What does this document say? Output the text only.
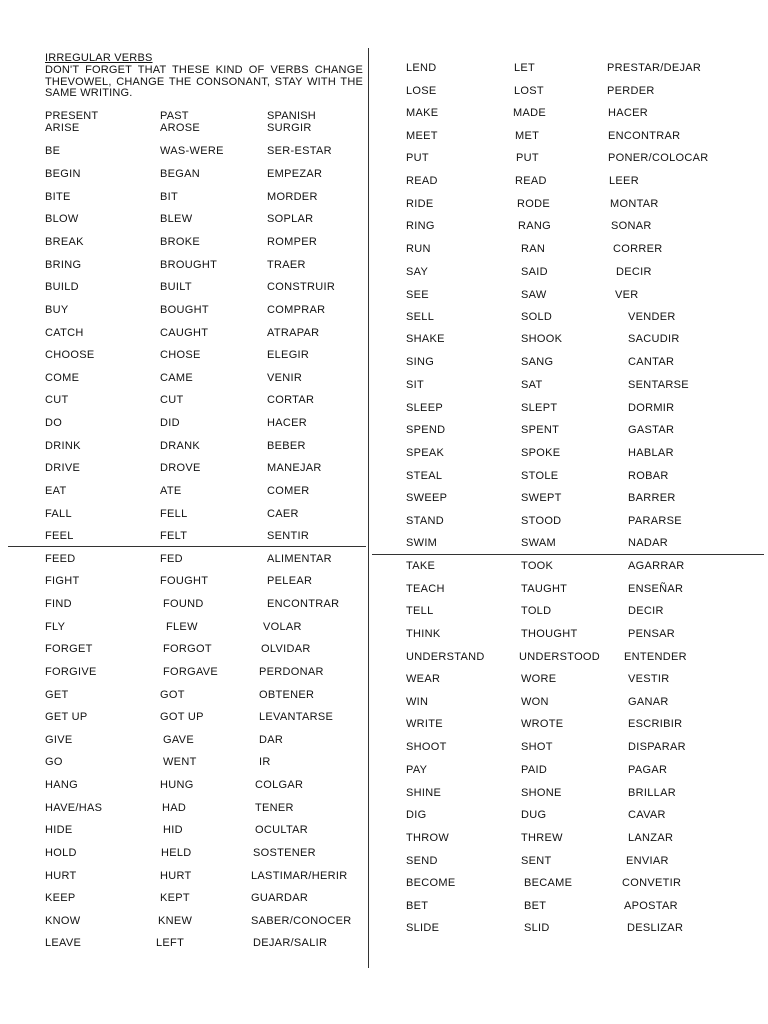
IRREGULAR VERBS
DON'T FORGET THAT THESE KIND OF VERBS CHANGE THEVOWEL, CHANGE THE CONSONANT, STAY WITH THE SAME WRITING.
PRESENT	PAST	SPANISH
ARISE	AROSE	SURGIR
BE	WAS-WERE	SER-ESTAR
BEGIN	BEGAN	EMPEZAR
BITE	BIT	MORDER
BLOW	BLEW	SOPLAR
BREAK	BROKE	ROMPER
BRING	BROUGHT	TRAER
BUILD	BUILT	CONSTRUIR
BUY	BOUGHT	COMPRAR
CATCH	CAUGHT	ATRAPAR
CHOOSE	CHOSE	ELEGIR
COME	CAME	VENIR
CUT	CUT	CORTAR
DO	DID	HACER
DRINK	DRANK	BEBER
DRIVE	DROVE	MANEJAR
EAT	ATE	COMER
FALL	FELL	CAER
FEEL	FELT	SENTIR
FEED	FED	ALIMENTAR
FIGHT	FOUGHT	PELEAR
FIND	FOUND	ENCONTRAR
FLY	FLEW	VOLAR
FORGET	FORGOT	OLVIDAR
FORGIVE	FORGAVE	PERDONAR
GET	GOT	OBTENER
GET UP	GOT UP	LEVANTARSE
GIVE	GAVE	DAR
GO	WENT	IR
HANG	HUNG	COLGAR
HAVE/HAS	HAD	TENER
HIDE	HID	OCULTAR
HOLD	HELD	SOSTENER
HURT	HURT	LASTIMAR/HERIR
KEEP	KEPT	GUARDAR
KNOW	KNEW	SABER/CONOCER
LEAVE	LEFT	DEJAR/SALIR
LEND	LET	PRESTAR/DEJAR
LOSE	LOST	PERDER
MAKE	MADE	HACER
MEET	MET	ENCONTRAR
PUT	PUT	PONER/COLOCAR
READ	READ	LEER
RIDE	RODE	MONTAR
RING	RANG	SONAR
RUN	RAN	CORRER
SAY	SAID	DECIR
SEE	SAW	VER
SELL	SOLD	VENDER
SHAKE	SHOOK	SACUDIR
SING	SANG	CANTAR
SIT	SAT	SENTARSE
SLEEP	SLEPT	DORMIR
SPEND	SPENT	GASTAR
SPEAK	SPOKE	HABLAR
STEAL	STOLE	ROBAR
SWEEP	SWEPT	BARRER
STAND	STOOD	PARARSE
SWIM	SWAM	NADAR
TAKE	TOOK	AGARRAR
TEACH	TAUGHT	ENSEÑAR
TELL	TOLD	DECIR
THINK	THOUGHT	PENSAR
UNDERSTAND	UNDERSTOOD ENTENDER
WEAR	WORE	VESTIR
WIN	WON	GANAR
WRITE	WROTE	ESCRIBIR
SHOOT	SHOT	DISPARAR
PAY	PAID	PAGAR
SHINE	SHONE	BRILLAR
DIG	DUG	CAVAR
THROW	THREW	LANZAR
SEND	SENT	ENVIAR
BECOME	BECAME	CONVETIR
BET	BET	APOSTAR
SLIDE	SLID	DESLIZAR
